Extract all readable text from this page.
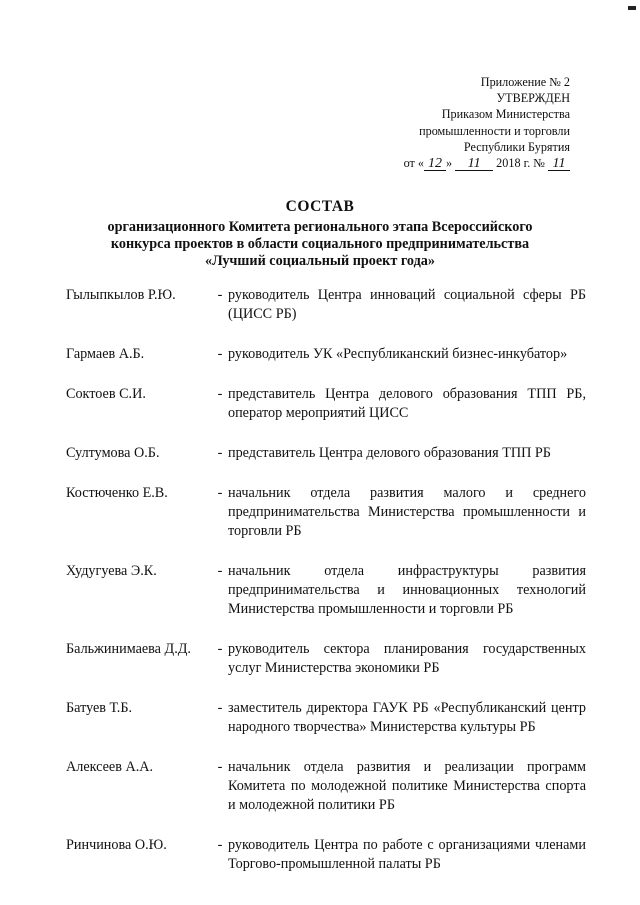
Приложение № 2
УТВЕРЖДЕН
Приказом Министерства
промышленности и торговли
Республики Бурятия
от « 12 » 11 2018 г. № 11
СОСТАВ
организационного Комитета регионального этапа Всероссийского
конкурса проектов в области социального предпринимательства
«Лучший социальный проект года»
Гылыпкылов Р.Ю.	- руководитель Центра инноваций социальной сферы РБ (ЦИСС РБ)
Гармаев А.Б.	- руководитель УК «Республиканский бизнес-инкубатор»
Соктоев С.И.	- представитель Центра делового образования ТПП РБ, оператор мероприятий ЦИСС
Султумова О.Б.	- представитель Центра делового образования ТПП РБ
Костюченко Е.В.	- начальник отдела развития малого и среднего предпринимательства Министерства промышленности и торговли РБ
Худугуева Э.К.	- начальник отдела инфраструктуры развития предпринимательства и инновационных технологий Министерства промышленности и торговли РБ
Бальжинимаева Д.Д.	- руководитель сектора планирования государственных услуг Министерства экономики РБ
Батуев Т.Б.	- заместитель директора ГАУК РБ «Республиканский центр народного творчества» Министерства культуры РБ
Алексеев А.А.	- начальник отдела развития и реализации программ Комитета по молодежной политике Министерства спорта и молодежной политики РБ
Ринчинова О.Ю.	- руководитель Центра по работе с организациями членами Торгово-промышленной палаты РБ
